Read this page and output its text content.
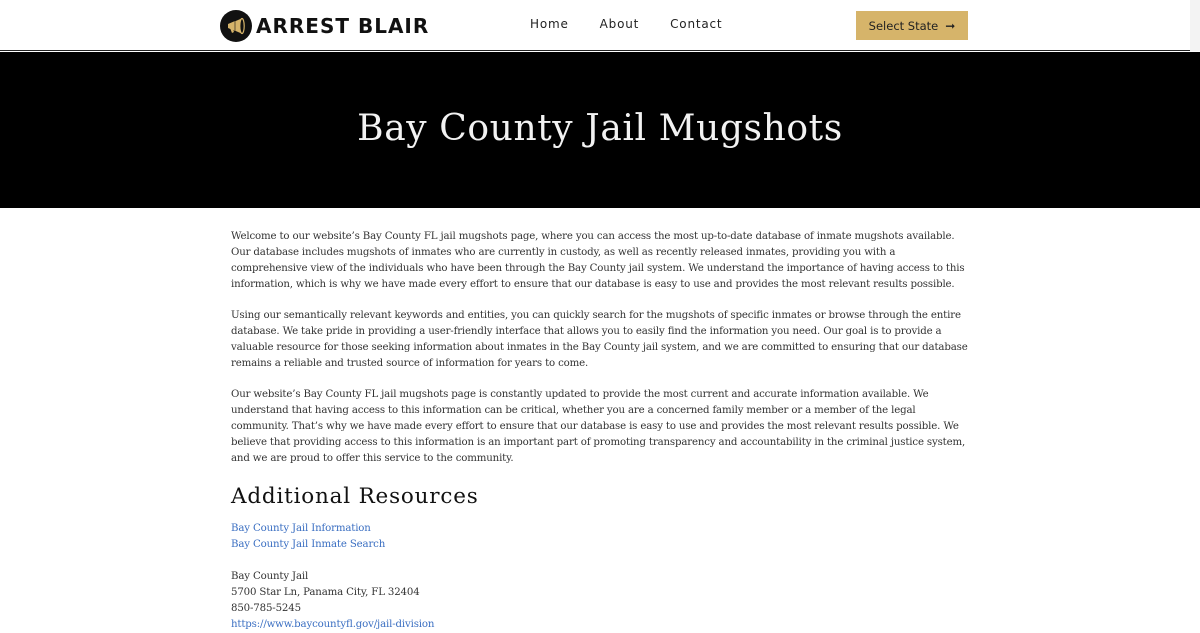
ARREST BLAIR	Home	About	Contact	Select State ➞
Bay County Jail Mugshots

Welcome to our website’s Bay County FL jail mugshots page, where you can access the most up-to-date database of inmate mugshots available. Our database includes mugshots of inmates who are currently in custody, as well as recently released inmates, providing you with a comprehensive view of the individuals who have been through the Bay County jail system. We understand the importance of having access to this information, which is why we have made every effort to ensure that our database is easy to use and provides the most relevant results possible.

Using our semantically relevant keywords and entities, you can quickly search for the mugshots of specific inmates or browse through the entire database. We take pride in providing a user-friendly interface that allows you to easily find the information you need. Our goal is to provide a valuable resource for those seeking information about inmates in the Bay County jail system, and we are committed to ensuring that our database remains a reliable and trusted source of information for years to come.

Our website’s Bay County FL jail mugshots page is constantly updated to provide the most current and accurate information available. We understand that having access to this information can be critical, whether you are a concerned family member or a member of the legal community. That’s why we have made every effort to ensure that our database is easy to use and provides the most relevant results possible. We believe that providing access to this information is an important part of promoting transparency and accountability in the criminal justice system, and we are proud to offer this service to the community.

Additional Resources
Bay County Jail Information
Bay County Jail Inmate Search
Bay County Jail
5700 Star Ln, Panama City, FL 32404
850-785-5245
https://www.baycountyfl.gov/jail-division
